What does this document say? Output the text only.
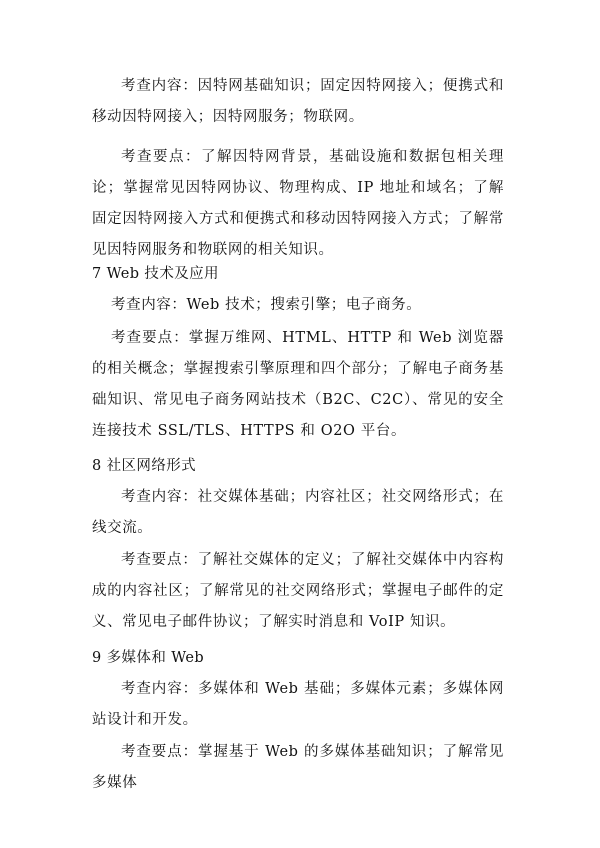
考查内容：因特网基础知识；固定因特网接入；便携式和移动因特网接入；因特网服务；物联网。

考查要点：了解因特网背景，基础设施和数据包相关理论；掌握常见因特网协议、物理构成、IP 地址和域名；了解固定因特网接入方式和便携式和移动因特网接入方式；了解常见因特网服务和物联网的相关知识。

7 Web 技术及应用

考查内容：Web 技术；搜索引擎；电子商务。

考查要点：掌握万维网、HTML、HTTP 和 Web 浏览器的相关概念；掌握搜索引擎原理和四个部分；了解电子商务基础知识、常见电子商务网站技术（B2C、C2C）、常见的安全连接技术 SSL/TLS、HTTPS 和 O2O 平台。

8 社区网络形式

考查内容：社交媒体基础；内容社区；社交网络形式；在线交流。

考查要点：了解社交媒体的定义；了解社交媒体中内容构成的内容社区；了解常见的社交网络形式；掌握电子邮件的定义、常见电子邮件协议；了解实时消息和 VoIP 知识。

9 多媒体和 Web

考查内容：多媒体和 Web 基础；多媒体元素；多媒体网站设计和开发。

考查要点：掌握基于 Web 的多媒体基础知识；了解常见多媒体
